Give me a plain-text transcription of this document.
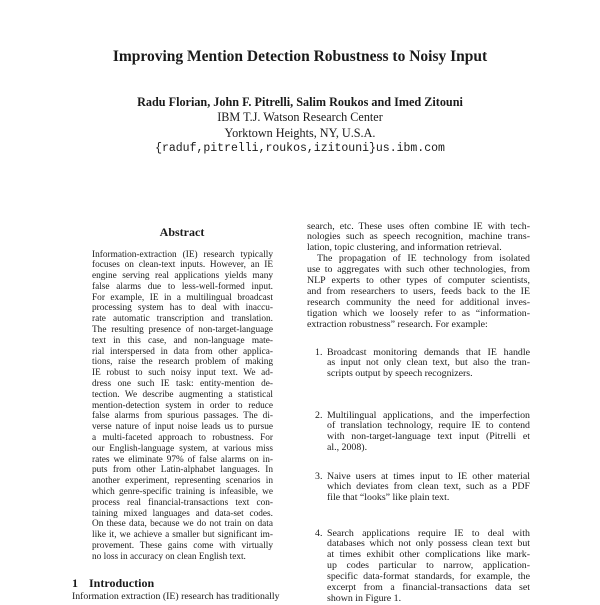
Improving Mention Detection Robustness to Noisy Input
Radu Florian, John F. Pitrelli, Salim Roukos and Imed Zitouni
IBM T.J. Watson Research Center
Yorktown Heights, NY, U.S.A.
{raduf,pitrelli,roukos,izitouni}us.ibm.com
Abstract
Information-extraction (IE) research typically
focuses on clean-text inputs. However, an IE
engine serving real applications yields many
false alarms due to less-well-formed input.
For example, IE in a multilingual broadcast
processing system has to deal with inaccu-
rate automatic transcription and translation.
The resulting presence of non-target-language
text in this case, and non-language mate-
rial interspersed in data from other applica-
tions, raise the research problem of making
IE robust to such noisy input text. We ad-
dress one such IE task: entity-mention de-
tection. We describe augmenting a statistical
mention-detection system in order to reduce
false alarms from spurious passages. The di-
verse nature of input noise leads us to pursue
a multi-faceted approach to robustness. For
our English-language system, at various miss
rates we eliminate 97% of false alarms on in-
puts from other Latin-alphabet languages. In
another experiment, representing scenarios in
which genre-specific training is infeasible, we
process real financial-transactions text con-
taining mixed languages and data-set codes.
On these data, because we do not train on data
like it, we achieve a smaller but significant im-
provement. These gains come with virtually
no loss in accuracy on clean English text.
1 Introduction
Information extraction (IE) research has traditionally
search, etc. These uses often combine IE with tech-
nologies such as speech recognition, machine trans-
lation, topic clustering, and information retrieval.
The propagation of IE technology from isolated
use to aggregates with such other technologies, from
NLP experts to other types of computer scientists,
and from researchers to users, feeds back to the IE
research community the need for additional inves-
tigation which we loosely refer to as “information-
extraction robustness” research. For example:
1. Broadcast monitoring demands that IE handle
as input not only clean text, but also the tran-
scripts output by speech recognizers.
2. Multilingual applications, and the imperfection
of translation technology, require IE to contend
with non-target-language text input (Pitrelli et
al., 2008).
3. Naive users at times input to IE other material
which deviates from clean text, such as a PDF
file that “looks” like plain text.
4. Search applications require IE to deal with
databases which not only possess clean text but
at times exhibit other complications like mark-
up codes particular to narrow, application-
specific data-format standards, for example, the
excerpt from a financial-transactions data set
shown in Figure 1.
